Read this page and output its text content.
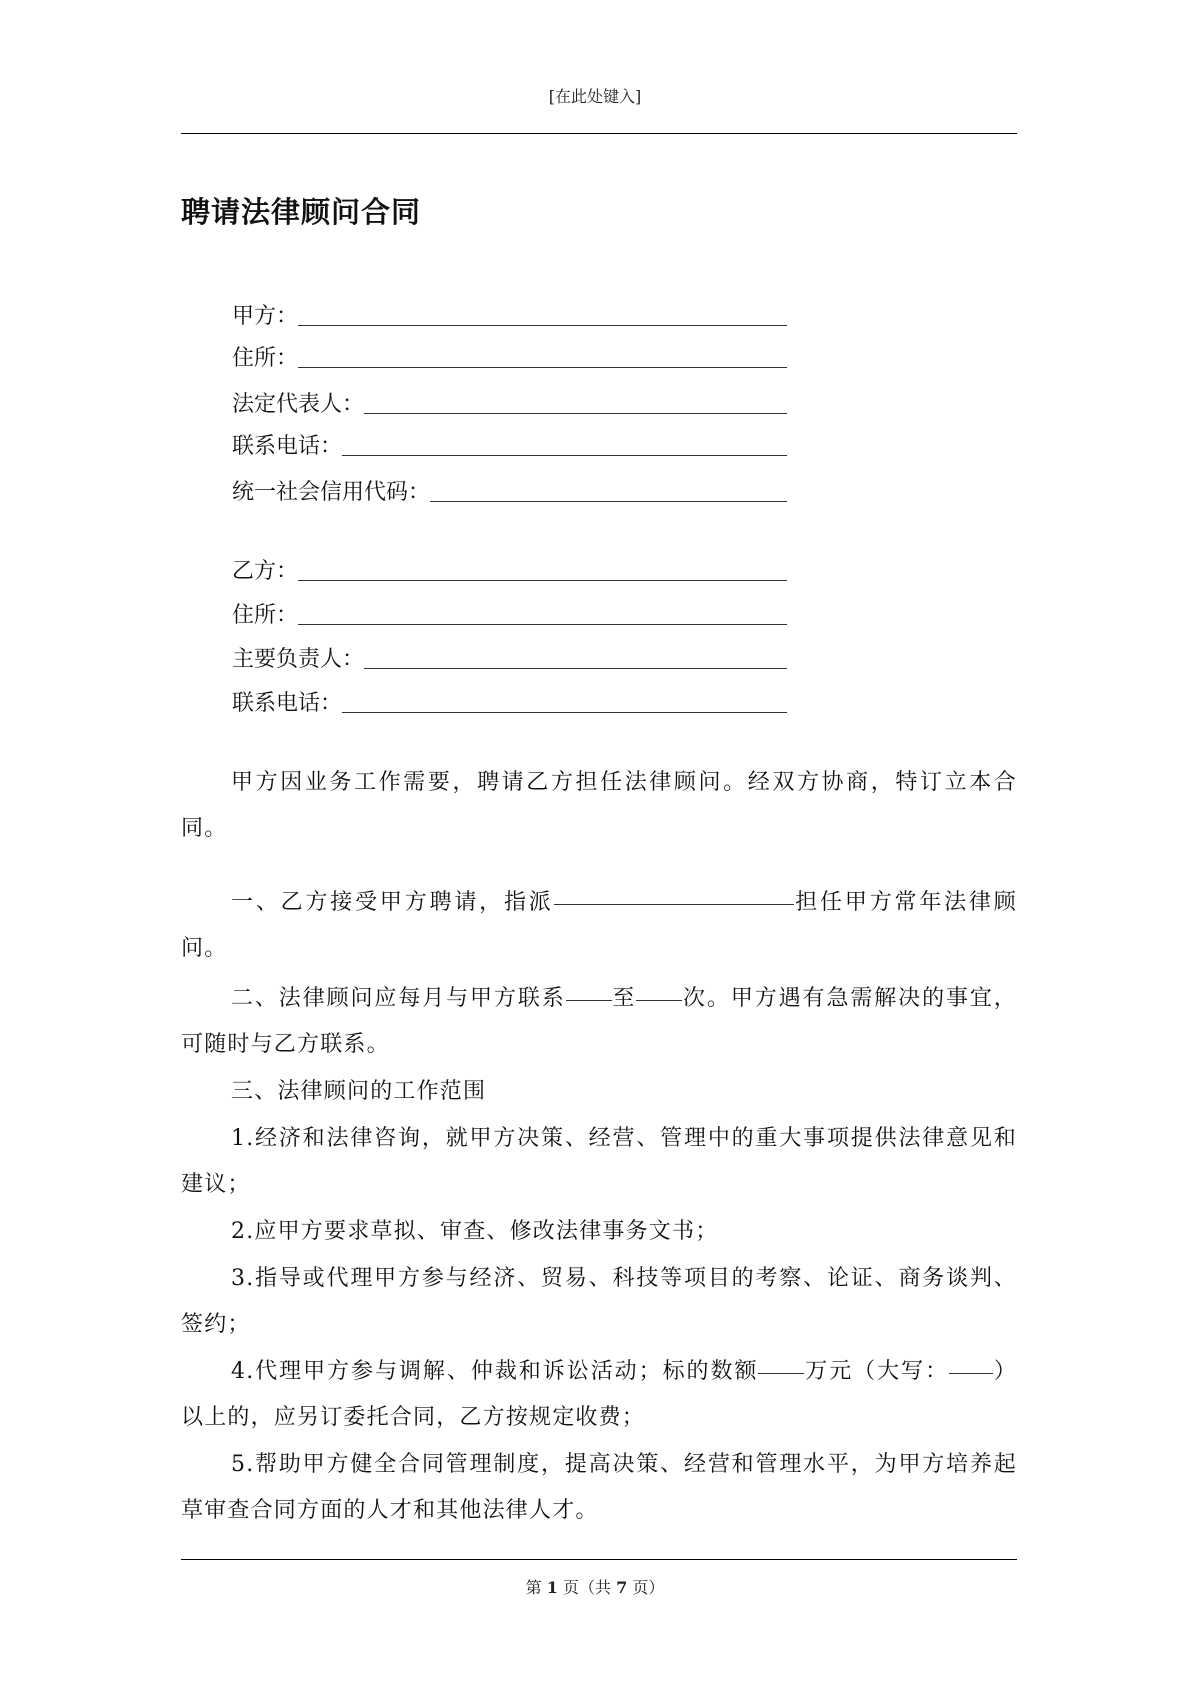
[在此处键入]
聘请法律顾问合同
甲方：
住所：
法定代表人：
联系电话：
统一社会信用代码：
乙方：
住所：
主要负责人：
联系电话：
甲方因业务工作需要，聘请乙方担任法律顾问。经双方协商，特订立本合同。
一、乙方接受甲方聘请，指派	担任甲方常年法律顾问。
二、法律顾问应每月与甲方联系 至 次。甲方遇有急需解决的事宜，可随时与乙方联系。
三、法律顾问的工作范围
1.经济和法律咨询，就甲方决策、经营、管理中的重大事项提供法律意见和建议；
2.应甲方要求草拟、审查、修改法律事务文书；
3.指导或代理甲方参与经济、贸易、科技等项目的考察、论证、商务谈判、签约；
4.代理甲方参与调解、仲裁和诉讼活动；标的数额 万元（大写： ）以上的，应另订委托合同，乙方按规定收费；
5.帮助甲方健全合同管理制度，提高决策、经营和管理水平，为甲方培养起草审查合同方面的人才和其他法律人才。
第 1 页（共 7 页）
